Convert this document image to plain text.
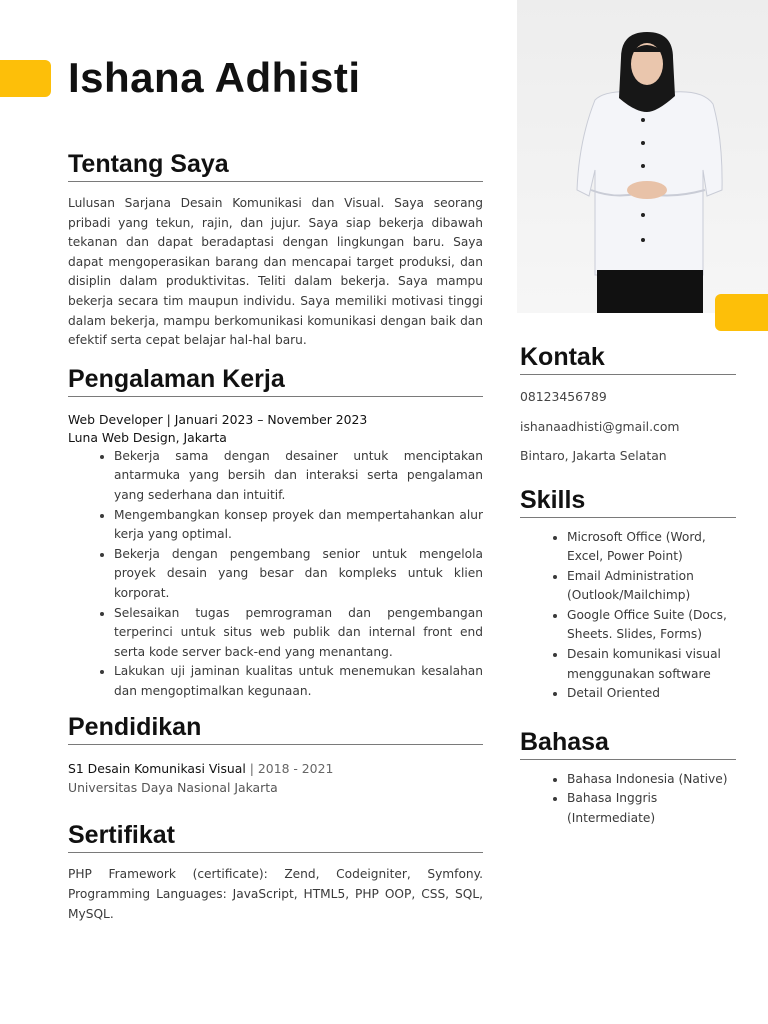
Ishana Adhisti
Tentang Saya

Lulusan Sarjana Desain Komunikasi dan Visual. Saya seorang pribadi yang tekun, rajin, dan jujur. Saya siap bekerja dibawah tekanan dan dapat beradaptasi dengan lingkungan baru. Saya dapat mengoperasikan barang dan mencapai target produksi, dan disiplin dalam produktivitas. Teliti dalam bekerja. Saya mampu bekerja secara tim maupun individu. Saya memiliki motivasi tinggi dalam bekerja, mampu berkomunikasi komunikasi dengan baik dan efektif serta cepat belajar hal-hal baru.

Pengalaman Kerja
Web Developer | Januari 2023 – November 2023
Luna Web Design, Jakarta
• Bekerja sama dengan desainer untuk menciptakan antarmuka yang bersih dan interaksi serta pengalaman yang sederhana dan intuitif.
• Mengembangkan konsep proyek dan mempertahankan alur kerja yang optimal.
• Bekerja dengan pengembang senior untuk mengelola proyek desain yang besar dan kompleks untuk klien korporat.
• Selesaikan tugas pemrograman dan pengembangan terperinci untuk situs web publik dan internal front end serta kode server back-end yang menantang.
• Lakukan uji jaminan kualitas untuk menemukan kesalahan dan mengoptimalkan kegunaan.
Pendidikan
S1 Desain Komunikasi Visual | 2018 - 2021
Universitas Daya Nasional Jakarta
Sertifikat

PHP Framework (certificate): Zend, Codeigniter, Symfony. Programming Languages: JavaScript, HTML5, PHP OOP, CSS, SQL, MySQL.

Kontak
08123456789
ishanaadhisti@gmail.com
Bintaro, Jakarta Selatan
Skills
• Microsoft Office (Word, Excel, Power Point)
• Email Administration (Outlook/Mailchimp)
• Google Office Suite (Docs, Sheets. Slides, Forms)
• Desain komunikasi visual menggunakan software
• Detail Oriented
Bahasa
• Bahasa Indonesia (Native)
• Bahasa Inggris (Intermediate)
